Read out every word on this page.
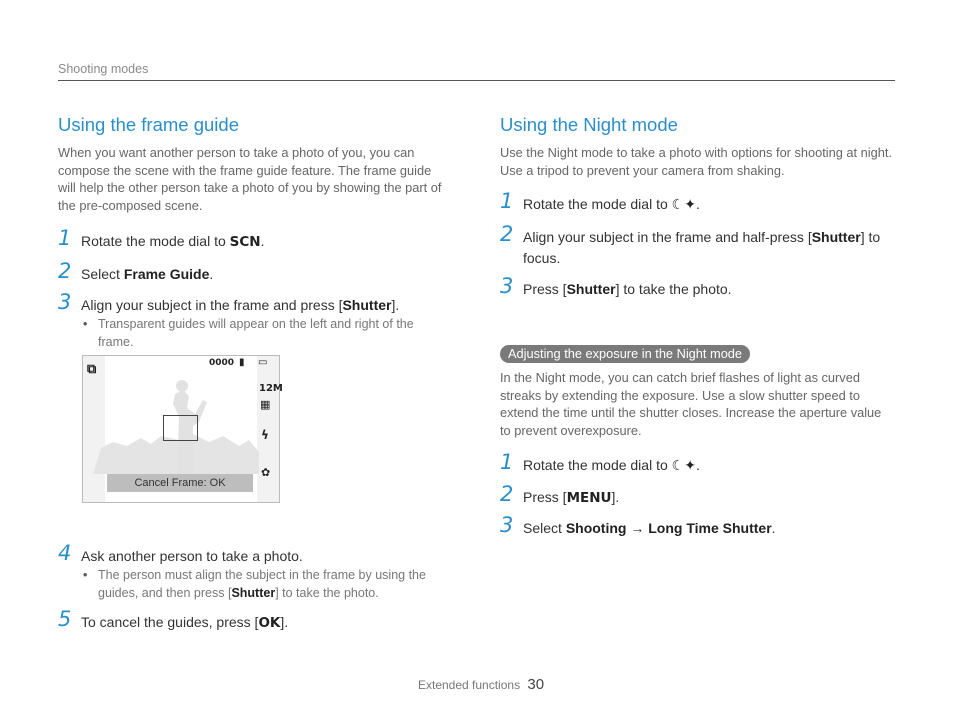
Shooting modes
Using the frame guide

When you want another person to take a photo of you, you can compose the scene with the frame guide feature. The frame guide will help the other person take a photo of you by showing the part of the pre-composed scene.

1 Rotate the mode dial to SCN.
2 Select Frame Guide.
3 Align your subject in the frame and press [Shutter].
• Transparent guides will appear on the left and right of the frame.
4 Ask another person to take a photo.
• The person must align the subject in the frame by using the guides, and then press [Shutter] to take the photo.
5 To cancel the guides, press [OK].
⧉	0000 ▮ ▭
12M
▦
ϟ
✿
Cancel Frame: OK
Using the Night mode

Use the Night mode to take a photo with options for shooting at night. Use a tripod to prevent your camera from shaking.

1 Rotate the mode dial to ☾✦.
2 Align your subject in the frame and half-press [Shutter] to focus.
3 Press [Shutter] to take the photo.
Adjusting the exposure in the Night mode

In the Night mode, you can catch brief flashes of light as curved streaks by extending the exposure. Use a slow shutter speed to extend the time until the shutter closes. Increase the aperture value to prevent overexposure.

1 Rotate the mode dial to ☾✦.
2 Press [MENU].
3 Select Shooting → Long Time Shutter.
Extended functions 30
